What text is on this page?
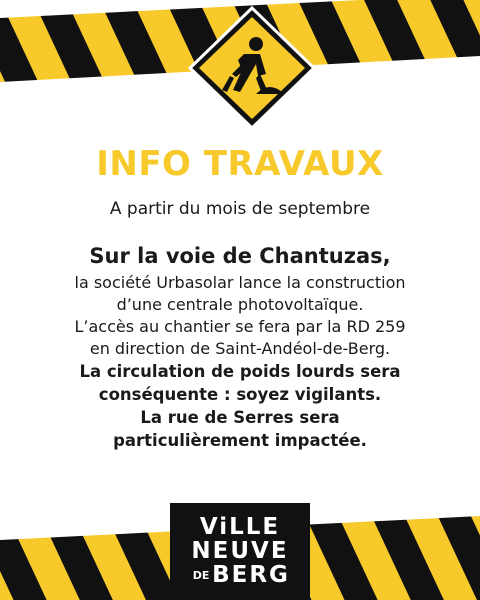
INFO TRAVAUX

A partir du mois de septembre

Sur la voie de Chantuzas,
la société Urbasolar lance la construction
d’une centrale photovoltaïque.
L’accès au chantier se fera par la RD 259
en direction de Saint-Andéol-de-Berg.
La circulation de poids lourds sera
conséquente : soyez vigilants.
La rue de Serres sera
particulièrement impactée.
ViLLE
NEUVE
DE BERG
